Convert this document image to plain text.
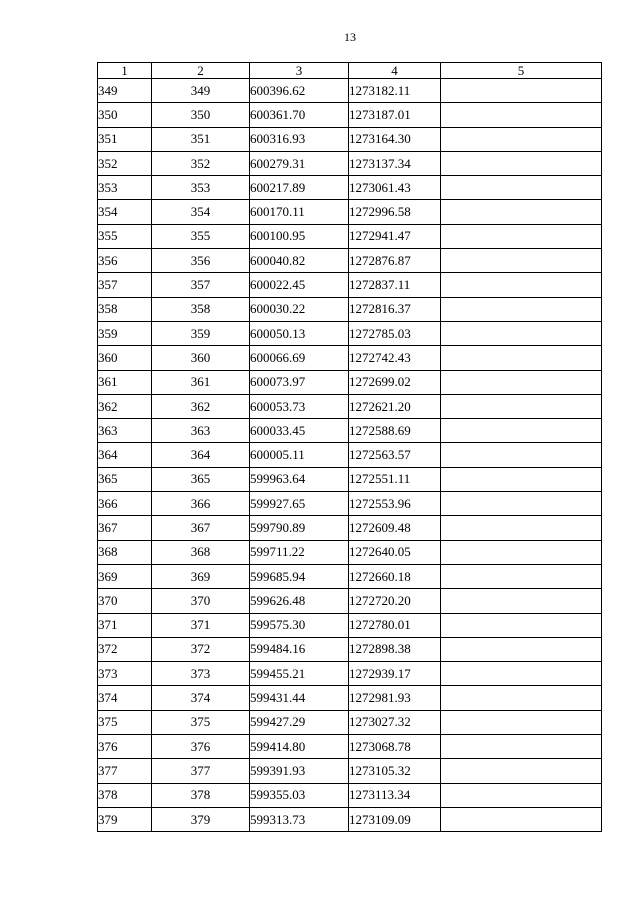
13
1	2	3	4	5
349	349	600396.62	1273182.11	
350	350	600361.70	1273187.01	
351	351	600316.93	1273164.30	
352	352	600279.31	1273137.34	
353	353	600217.89	1273061.43	
354	354	600170.11	1272996.58	
355	355	600100.95	1272941.47	
356	356	600040.82	1272876.87	
357	357	600022.45	1272837.11	
358	358	600030.22	1272816.37	
359	359	600050.13	1272785.03	
360	360	600066.69	1272742.43	
361	361	600073.97	1272699.02	
362	362	600053.73	1272621.20	
363	363	600033.45	1272588.69	
364	364	600005.11	1272563.57	
365	365	599963.64	1272551.11	
366	366	599927.65	1272553.96	
367	367	599790.89	1272609.48	
368	368	599711.22	1272640.05	
369	369	599685.94	1272660.18	
370	370	599626.48	1272720.20	
371	371	599575.30	1272780.01	
372	372	599484.16	1272898.38	
373	373	599455.21	1272939.17	
374	374	599431.44	1272981.93	
375	375	599427.29	1273027.32	
376	376	599414.80	1273068.78	
377	377	599391.93	1273105.32	
378	378	599355.03	1273113.34	
379	379	599313.73	1273109.09	
